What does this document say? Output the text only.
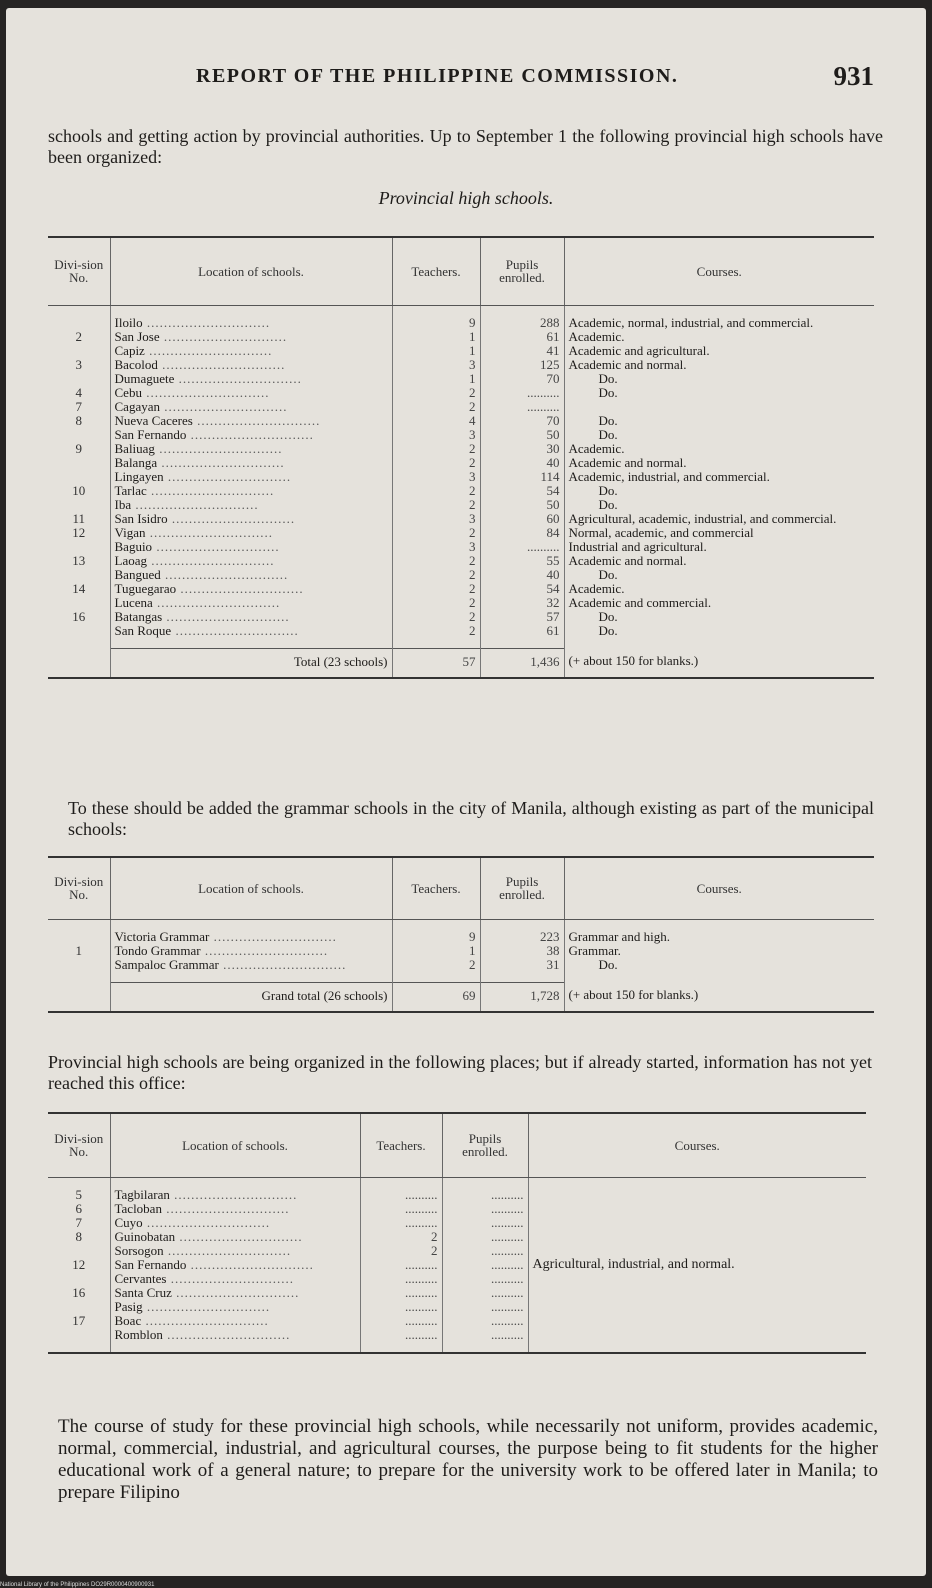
REPORT OF THE PHILIPPINE COMMISSION.	931
schools and getting action by provincial authorities. Up to September 1 the following provincial high schools have been organized:
Provincial high schools.
Divi-sion No.	Location of schools.	Teachers.	Pupils enrolled.	Courses.

	Iloilo .............................	9	288	Academic, normal, industrial, and commercial.
2	San Jose .............................	1	61	Academic.
	Capiz .............................	1	41	Academic and agricultural.
3	Bacolod .............................	3	125	Academic and normal.
	Dumaguete .............................	1	70	Do.
4	Cebu .............................	2	..........	Do.
7	Cagayan .............................	2	..........	
8	Nueva Caceres .............................	4	70	Do.
	San Fernando .............................	3	50	Do.
9	Baliuag .............................	2	30	Academic.
	Balanga .............................	2	40	Academic and normal.
	Lingayen .............................	3	114	Academic, industrial, and commercial.
10	Tarlac .............................	2	54	Do.
	Iba .............................	2	50	Do.
11	San Isidro .............................	3	60	Agricultural, academic, industrial, and commercial.
12	Vigan .............................	2	84	Normal, academic, and commercial
	Baguio .............................	3	..........	Industrial and agricultural.
13	Laoag .............................	2	55	Academic and normal.
	Bangued .............................	2	40	Do.
14	Tuguegarao .............................	2	54	Academic.
	Lucena .............................	2	32	Academic and commercial.
16	Batangas .............................	2	57	Do.
	San Roque .............................	2	61	Do.

	Total (23 schools)	57	1,436	(+ about 150 for blanks.)
To these should be added the grammar schools in the city of Manila, although existing as part of the municipal schools:
Divi-sion No.	Location of schools.	Teachers.	Pupils enrolled.	Courses.

	Victoria Grammar .............................	9	223	Grammar and high.
1	Tondo Grammar .............................	1	38	Grammar.
	Sampaloc Grammar .............................	2	31	Do.

	Grand total (26 schools)	69	1,728	(+ about 150 for blanks.)
Provincial high schools are being organized in the following places; but if already started, information has not yet reached this office:
Divi-sion No.	Location of schools.	Teachers.	Pupils enrolled.	Courses.

5	Tagbilaran .............................	..........	..........	Agricultural, industrial, and normal.
6	Tacloban .............................	..........	..........	
7	Cuyo .............................	..........	..........	
8	Guinobatan .............................	2	..........	
	Sorsogon .............................	2	..........	
12	San Fernando .............................	..........	..........	
	Cervantes .............................	..........	..........	
16	Santa Cruz .............................	..........	..........	
	Pasig .............................	..........	..........	
17	Boac .............................	..........	..........	
	Romblon .............................	..........	..........	

The course of study for these provincial high schools, while necessarily not uniform, provides academic, normal, commercial, industrial, and agricultural courses, the purpose being to fit students for the higher educational work of a general nature; to prepare for the university work to be offered later in Manila; to prepare Filipino
National Library of the Philippines DO29R0000400900931
